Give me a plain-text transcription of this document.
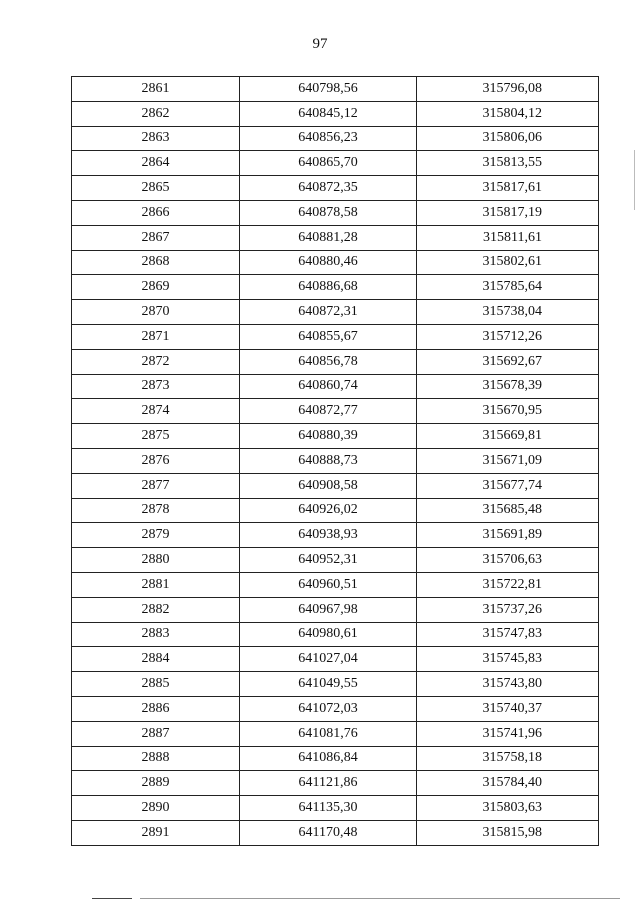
97
2861	640798,56	315796,08
2862	640845,12	315804,12
2863	640856,23	315806,06
2864	640865,70	315813,55
2865	640872,35	315817,61
2866	640878,58	315817,19
2867	640881,28	315811,61
2868	640880,46	315802,61
2869	640886,68	315785,64
2870	640872,31	315738,04
2871	640855,67	315712,26
2872	640856,78	315692,67
2873	640860,74	315678,39
2874	640872,77	315670,95
2875	640880,39	315669,81
2876	640888,73	315671,09
2877	640908,58	315677,74
2878	640926,02	315685,48
2879	640938,93	315691,89
2880	640952,31	315706,63
2881	640960,51	315722,81
2882	640967,98	315737,26
2883	640980,61	315747,83
2884	641027,04	315745,83
2885	641049,55	315743,80
2886	641072,03	315740,37
2887	641081,76	315741,96
2888	641086,84	315758,18
2889	641121,86	315784,40
2890	641135,30	315803,63
2891	641170,48	315815,98
